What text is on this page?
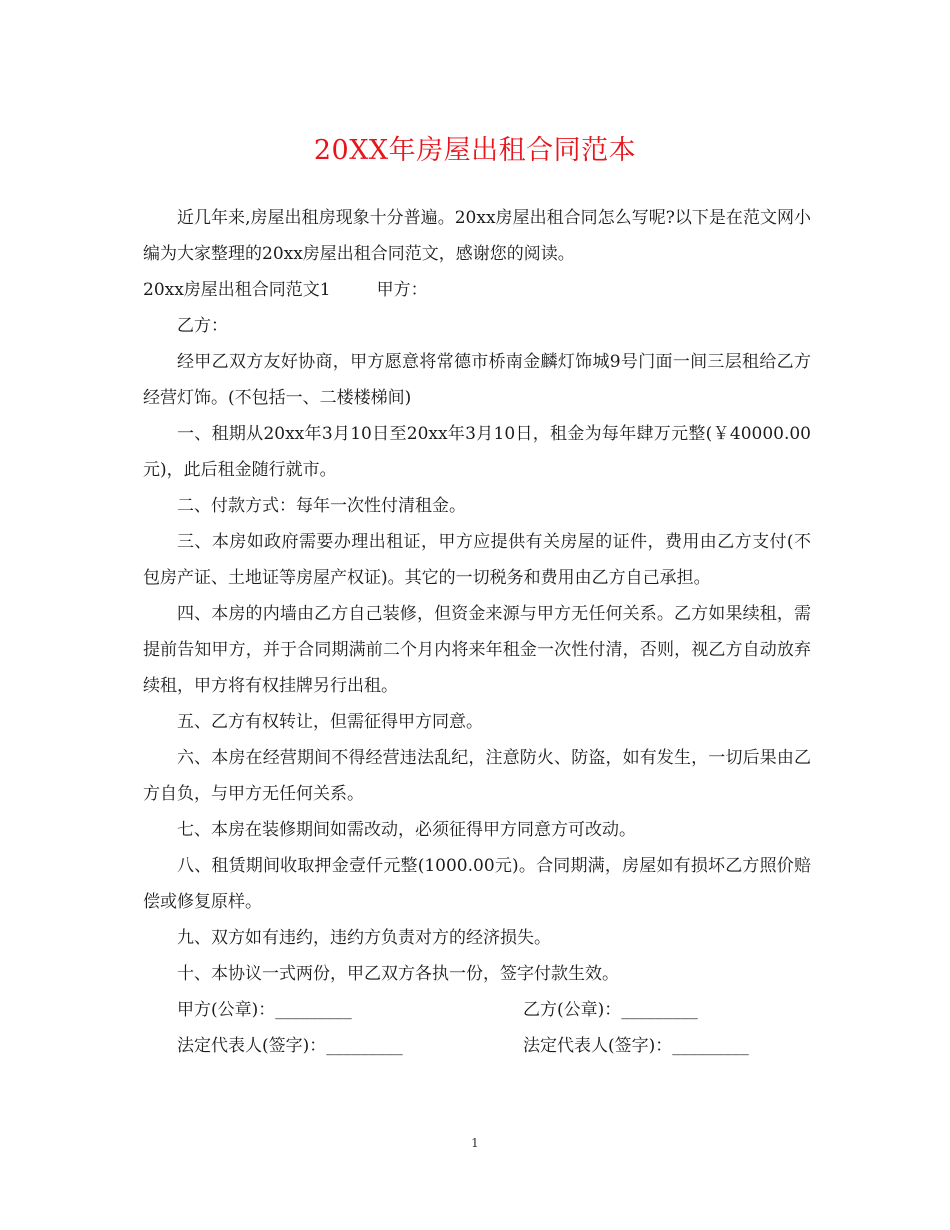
20XX年房屋出租合同范本

近几年来,房屋出租房现象十分普遍。20xx房屋出租合同怎么写呢?以下是在范文网小编为大家整理的20xx房屋出租合同范文，感谢您的阅读。

20xx房屋出租合同范文1	甲方：

乙方：

经甲乙双方友好协商，甲方愿意将常德市桥南金麟灯饰城9号门面一间三层租给乙方经营灯饰。(不包括一、二楼楼梯间)

一、租期从20xx年3月10日至20xx年3月10日，租金为每年肆万元整(￥40000.00元)，此后租金随行就市。

二、付款方式：每年一次性付清租金。

三、本房如政府需要办理出租证，甲方应提供有关房屋的证件，费用由乙方支付(不包房产证、土地证等房屋产权证)。其它的一切税务和费用由乙方自己承担。

四、本房的内墙由乙方自己装修，但资金来源与甲方无任何关系。乙方如果续租，需提前告知甲方，并于合同期满前二个月内将来年租金一次性付清，否则，视乙方自动放弃续租，甲方将有权挂牌另行出租。

五、乙方有权转让，但需征得甲方同意。

六、本房在经营期间不得经营违法乱纪，注意防火、防盗，如有发生，一切后果由乙方自负，与甲方无任何关系。

七、本房在装修期间如需改动，必须征得甲方同意方可改动。

八、租赁期间收取押金壹仟元整(1000.00元)。合同期满，房屋如有损坏乙方照价赔偿或修复原样。

九、双方如有违约，违约方负责对方的经济损失。

十、本协议一式两份，甲乙双方各执一份，签字付款生效。

甲方(公章)：_________	乙方(公章)：_________
法定代表人(签字)：_________	法定代表人(签字)：_________
1
